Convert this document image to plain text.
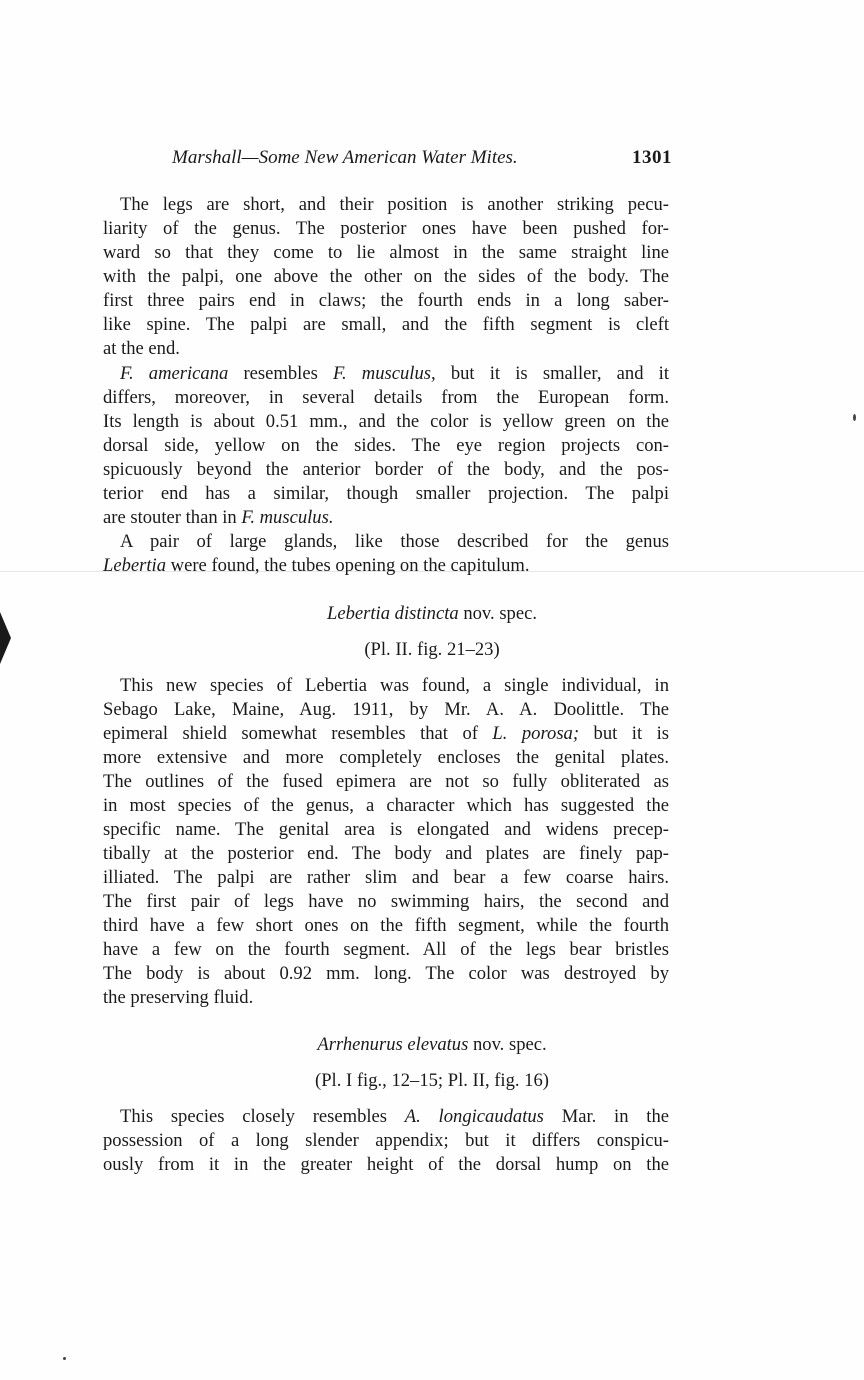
Marshall—Some New American Water Mites.	1301

The legs are short, and their position is another striking pecu-
liarity of the genus. The posterior ones have been pushed for-
ward so that they come to lie almost in the same straight line
with the palpi, one above the other on the sides of the body. The
first three pairs end in claws; the fourth ends in a long saber-
like spine. The palpi are small, and the fifth segment is cleft
at the end.

F. americana resembles F. musculus, but it is smaller, and it
differs, moreover, in several details from the European form.
Its length is about 0.51 mm., and the color is yellow green on the
dorsal side, yellow on the sides. The eye region projects con-
spicuously beyond the anterior border of the body, and the pos-
terior end has a similar, though smaller projection. The palpi
are stouter than in F. musculus.

A pair of large glands, like those described for the genus
Lebertia were found, the tubes opening on the capitulum.

Lebertia distincta nov. spec.

(Pl. II. fig. 21–23)

This new species of Lebertia was found, a single individual, in
Sebago Lake, Maine, Aug. 1911, by Mr. A. A. Doolittle. The
epimeral shield somewhat resembles that of L. porosa; but it is
more extensive and more completely encloses the genital plates.
The outlines of the fused epimera are not so fully obliterated as
in most species of the genus, a character which has suggested the
specific name. The genital area is elongated and widens precep-
tibally at the posterior end. The body and plates are finely pap-
illiated. The palpi are rather slim and bear a few coarse hairs.
The first pair of legs have no swimming hairs, the second and
third have a few short ones on the fifth segment, while the fourth
have a few on the fourth segment. All of the legs bear bristles
The body is about 0.92 mm. long. The color was destroyed by
the preserving fluid.

Arrhenurus elevatus nov. spec.

(Pl. I fig., 12–15; Pl. II, fig. 16)

This species closely resembles A. longicaudatus Mar. in the
possession of a long slender appendix; but it differs conspicu-
ously from it in the greater height of the dorsal hump on the
